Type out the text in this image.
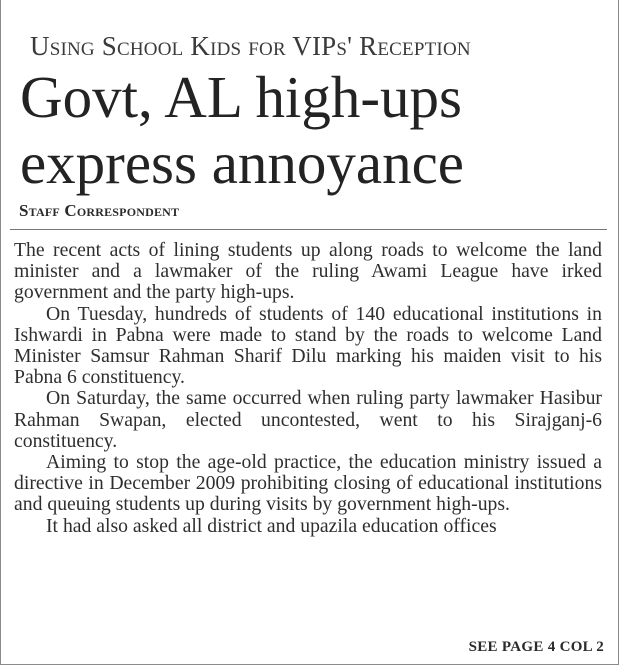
Using School Kids for VIPs' Reception
Govt, AL high-ups
express annoyance
Staff Correspondent

The recent acts of lining students up along roads to welcome the land minister and a lawmaker of the ruling Awami League have irked government and the party high-ups.

On Tuesday, hundreds of students of 140 educational institutions in Ishwardi in Pabna were made to stand by the roads to welcome Land Minister Samsur Rahman Sharif Dilu marking his maiden visit to his Pabna 6 constituency.

On Saturday, the same occurred when ruling party lawmaker Hasibur Rahman Swapan, elected uncontested, went to his Sirajganj-6 constituency.

Aiming to stop the age-old practice, the education ministry issued a directive in December 2009 prohibiting closing of educational institutions and queuing students up during visits by government high-ups.

It had also asked all district and upazila education offices

SEE PAGE 4 COL 2
